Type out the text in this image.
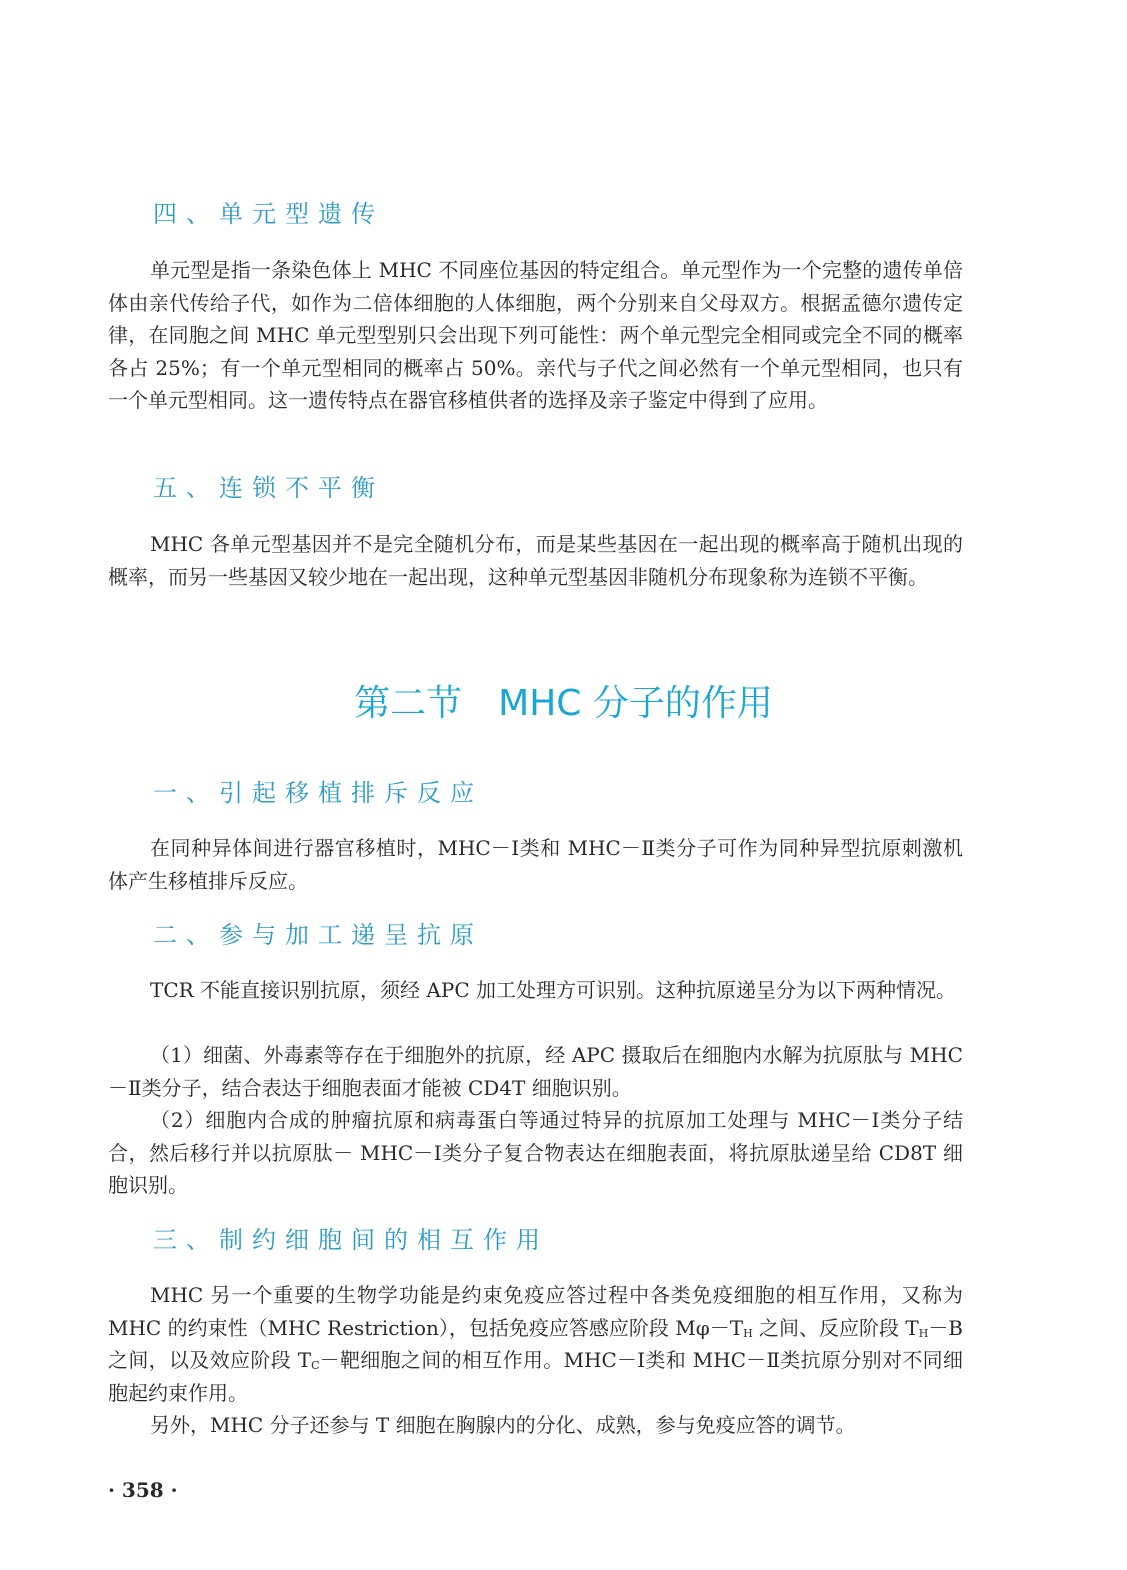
四、单元型遗传

单元型是指一条染色体上 MHC 不同座位基因的特定组合。单元型作为一个完整的遗传单倍体由亲代传给子代，如作为二倍体细胞的人体细胞，两个分别来自父母双方。根据孟德尔遗传定律，在同胞之间 MHC 单元型型别只会出现下列可能性：两个单元型完全相同或完全不同的概率各占 25%；有一个单元型相同的概率占 50%。亲代与子代之间必然有一个单元型相同，也只有一个单元型相同。这一遗传特点在器官移植供者的选择及亲子鉴定中得到了应用。

五、连锁不平衡

MHC 各单元型基因并不是完全随机分布，而是某些基因在一起出现的概率高于随机出现的概率，而另一些基因又较少地在一起出现，这种单元型基因非随机分布现象称为连锁不平衡。

第二节　MHC 分子的作用
一、引起移植排斥反应

在同种异体间进行器官移植时，MHC－Ⅰ类和 MHC－Ⅱ类分子可作为同种异型抗原刺激机体产生移植排斥反应。

二、参与加工递呈抗原

TCR 不能直接识别抗原，须经 APC 加工处理方可识别。这种抗原递呈分为以下两种情况。

（1）细菌、外毒素等存在于细胞外的抗原，经 APC 摄取后在细胞内水解为抗原肽与 MHC－Ⅱ类分子，结合表达于细胞表面才能被 CD4T 细胞识别。

（2）细胞内合成的肿瘤抗原和病毒蛋白等通过特异的抗原加工处理与 MHC－Ⅰ类分子结合，然后移行并以抗原肽－ MHC－Ⅰ类分子复合物表达在细胞表面，将抗原肽递呈给 CD8T 细胞识别。

三、制约细胞间的相互作用

MHC 另一个重要的生物学功能是约束免疫应答过程中各类免疫细胞的相互作用，又称为 MHC 的约束性（MHC Restriction），包括免疫应答感应阶段 $M\varphi-T_H$ 之间、反应阶段 $T_H-B$ 之间，以及效应阶段 $T_C-$靶细胞之间的相互作用。MHC－Ⅰ类和 MHC－Ⅱ类抗原分别对不同细胞起约束作用。

另外，MHC 分子还参与 T 细胞在胸腺内的分化、成熟，参与免疫应答的调节。

· 358 ·
